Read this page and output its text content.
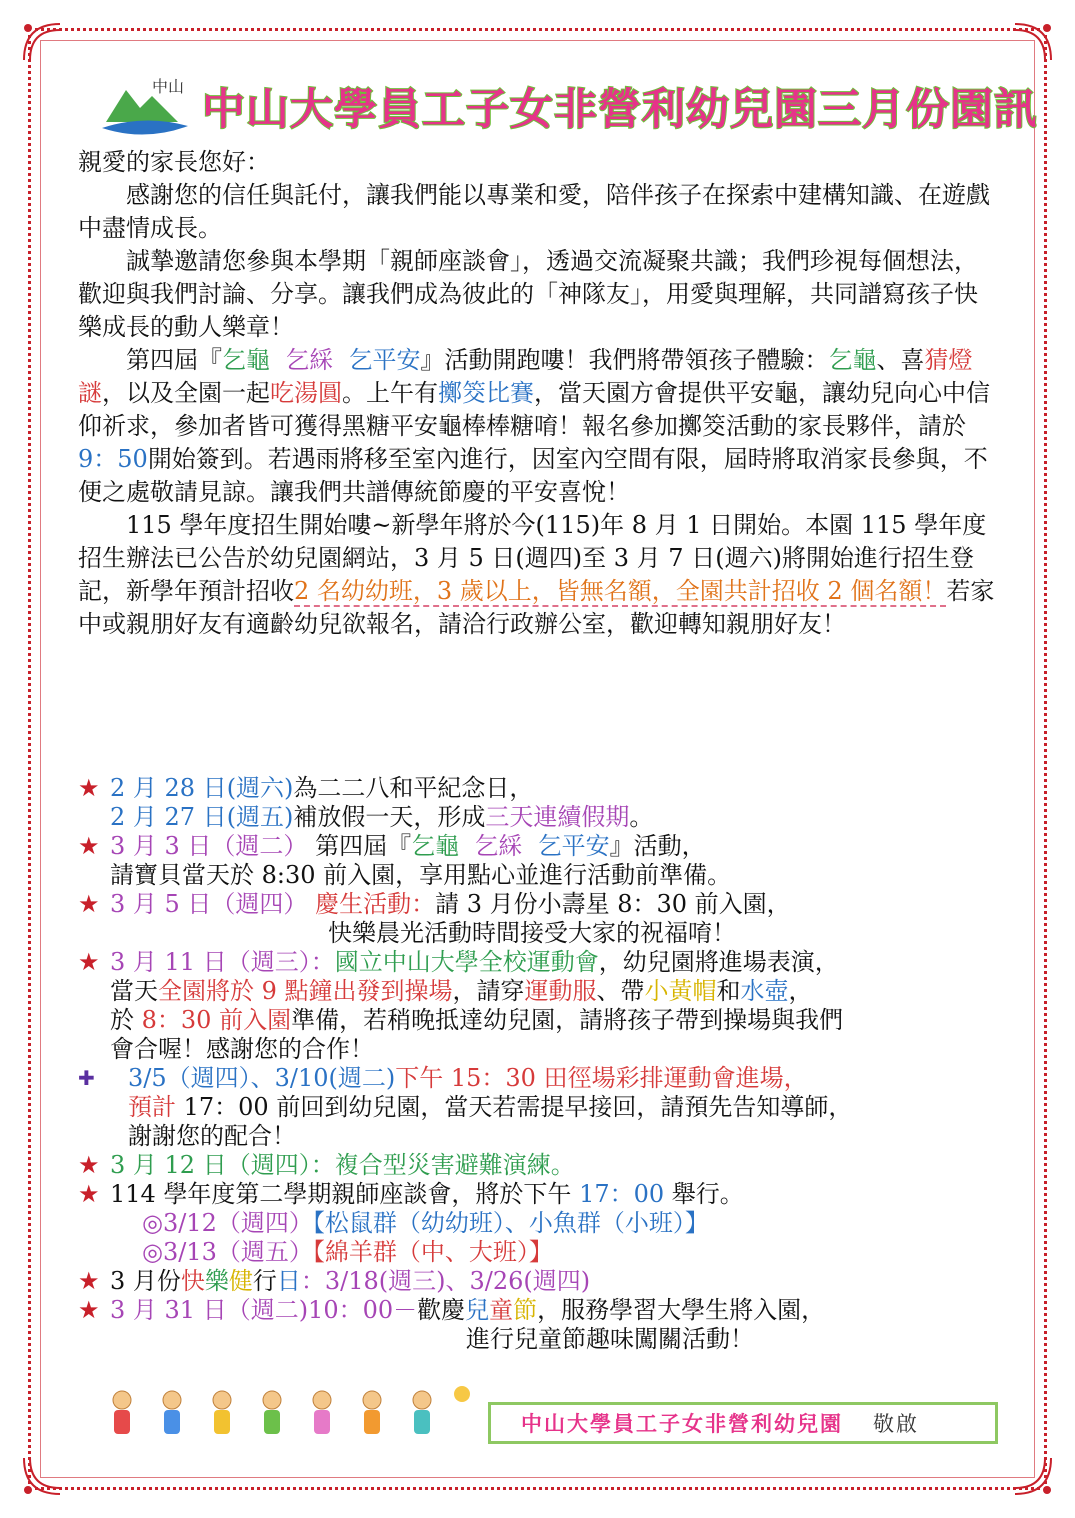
中山 中山大學員工子女非營利幼兒園三月份園訊

親愛的家長您好：

感謝您的信任與託付，讓我們能以專業和愛，陪伴孩子在探索中建構知識、在遊戲中盡情成長。

誠摯邀請您參與本學期「親師座談會」，透過交流凝聚共識；我們珍視每個想法，歡迎與我們討論、分享。讓我們成為彼此的「神隊友」，用愛與理解，共同譜寫孩子快樂成長的動人樂章！

第四屆『乞龜 乞綵 乞平安』活動開跑嘍！我們將帶領孩子體驗：乞龜、喜猜燈謎，以及全園一起吃湯圓。上午有擲筊比賽，當天園方會提供平安龜，讓幼兒向心中信仰祈求，參加者皆可獲得黑糖平安龜棒棒糖唷！報名參加擲筊活動的家長夥伴，請於9：50開始簽到。若遇雨將移至室內進行，因室內空間有限，屆時將取消家長參與，不便之處敬請見諒。讓我們共譜傳統節慶的平安喜悅！

115 學年度招生開始嘍~新學年將於今(115)年 8 月 1 日開始。本園 115 學年度招生辦法已公告於幼兒園網站，3 月 5 日(週四)至 3 月 7 日(週六)將開始進行招生登記，新學年預計招收2 名幼幼班，3 歲以上，皆無名額，全園共計招收 2 個名額！若家中或親朋好友有適齡幼兒欲報名，請洽行政辦公室，歡迎轉知親朋好友！

★ 2 月 28 日(週六)為二二八和平紀念日，
2 月 27 日(週五)補放假一天，形成三天連續假期。
★ 3 月 3 日（週二） 第四屆『乞龜 乞綵 乞平安』活動，
請寶貝當天於 8:30 前入園，享用點心並進行活動前準備。
★ 3 月 5 日（週四） 慶生活動：請 3 月份小壽星 8：30 前入園，
快樂晨光活動時間接受大家的祝福唷！
★ 3 月 11 日（週三）：國立中山大學全校運動會，幼兒園將進場表演，
當天全園將於 9 點鐘出發到操場，請穿運動服、帶小黃帽和水壺，
於 8：30 前入園準備，若稍晚抵達幼兒園，請將孩子帶到操場與我們
會合喔！感謝您的合作！
✚ 3/5（週四）、3/10(週二)下午 15：30 田徑場彩排運動會進場，
預計 17：00 前回到幼兒園，當天若需提早接回，請預先告知導師，
謝謝您的配合！
★ 3 月 12 日（週四）：複合型災害避難演練。
★ 114 學年度第二學期親師座談會，將於下午 17：00 舉行。
◎3/12（週四）【松鼠群（幼幼班）、小魚群（小班）】
◎3/13（週五）【綿羊群（中、大班）】
★ 3 月份快樂健行日：3/18(週三)、3/26(週四)
★ 3 月 31 日（週二)10：00－歡慶兒童節，服務學習大學生將入園，
進行兒童節趣味闖關活動！
中山大學員工子女非營利幼兒園 敬啟
